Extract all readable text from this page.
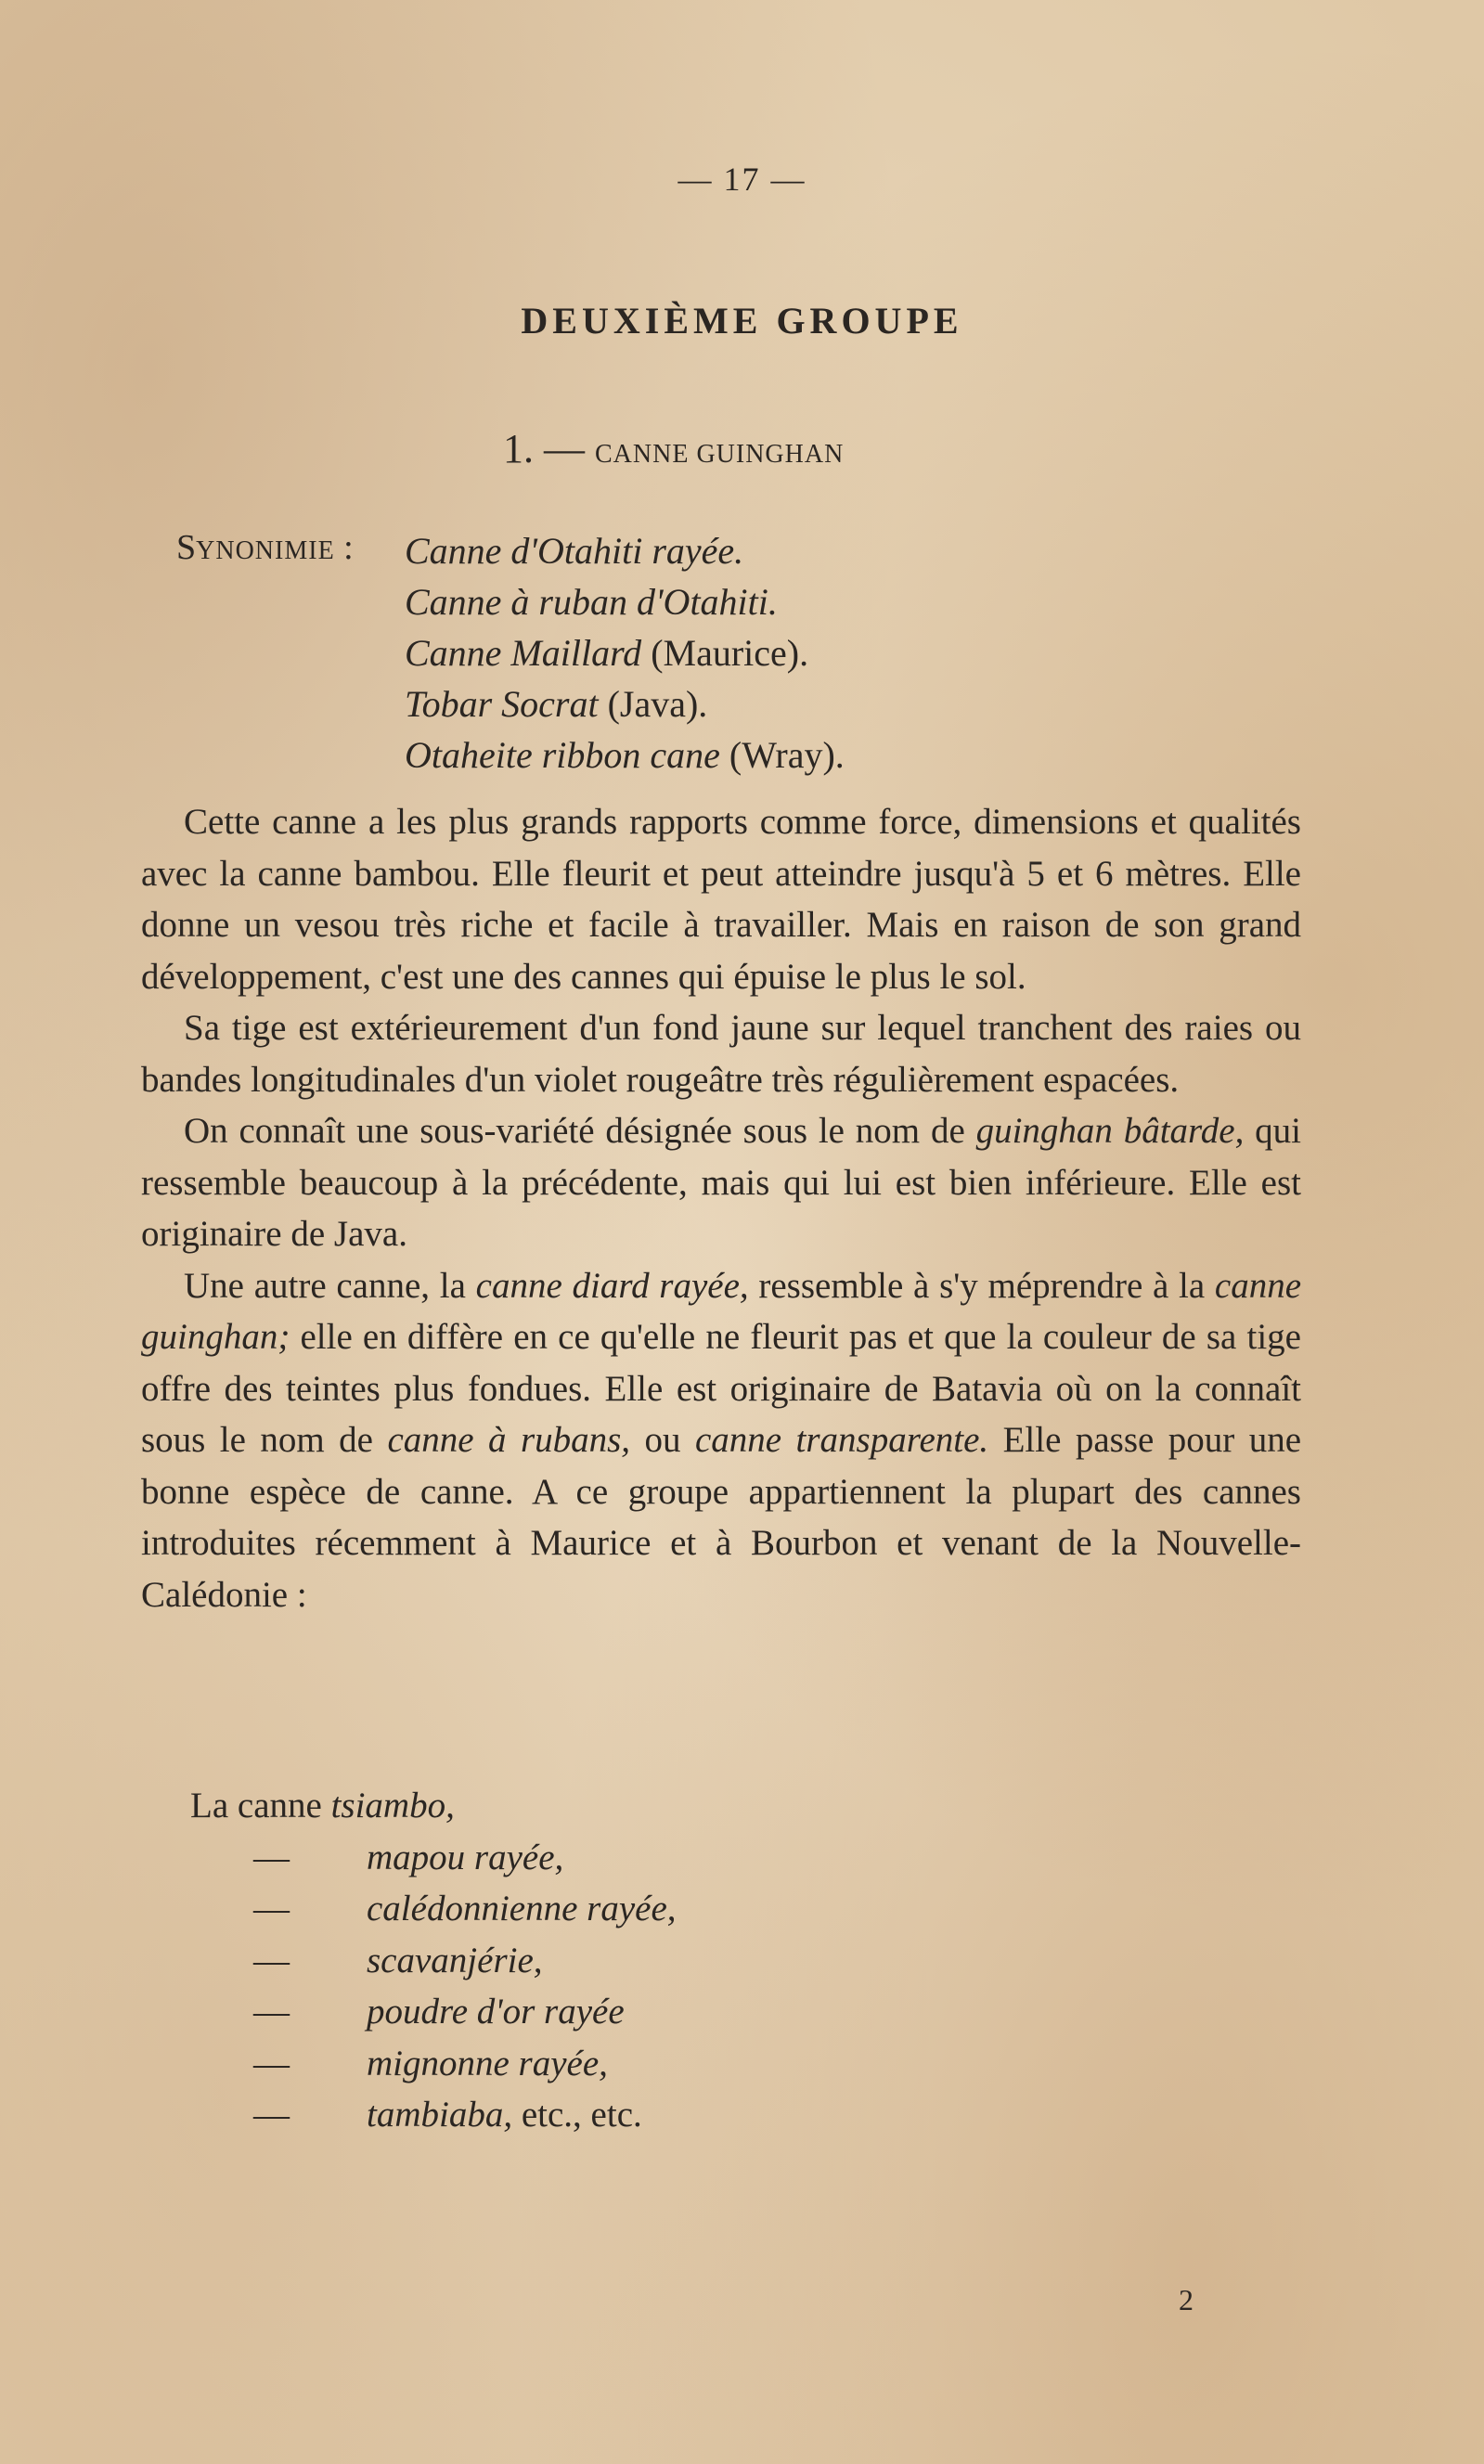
— 17 —
DEUXIÈME GROUPE
1. — CANNE GUINGHAN
SYNONIMIE : Canne d'Otahiti rayée.
Canne à ruban d'Otahiti.
Canne Maillard (Maurice).
Tobar Socrat (Java).
Otaheite ribbon cane (Wray).

Cette canne a les plus grands rapports comme force, dimensions et qualités avec la canne bambou. Elle fleurit et peut atteindre jusqu'à 5 et 6 mètres. Elle donne un vesou très riche et facile à travailler. Mais en raison de son grand développement, c'est une des cannes qui épuise le plus le sol.

Sa tige est extérieurement d'un fond jaune sur lequel tranchent des raies ou bandes longitudinales d'un violet rougeâtre très régulièrement espacées.

On connaît une sous-variété désignée sous le nom de guinghan bâtarde, qui ressemble beaucoup à la précédente, mais qui lui est bien inférieure. Elle est originaire de Java.

Une autre canne, la canne diard rayée, ressemble à s'y méprendre à la canne guinghan; elle en diffère en ce qu'elle ne fleurit pas et que la couleur de sa tige offre des teintes plus fondues. Elle est originaire de Batavia où on la connaît sous le nom de canne à rubans, ou canne transparente. Elle passe pour une bonne espèce de canne. A ce groupe appartiennent la plupart des cannes introduites récemment à Maurice et à Bourbon et venant de la Nouvelle-Calédonie :

La canne tsiambo,
— mapou rayée,
— calédonnienne rayée,
— scavanjérie,
— poudre d'or rayée
— mignonne rayée,
— tambiaba, etc., etc.
2
